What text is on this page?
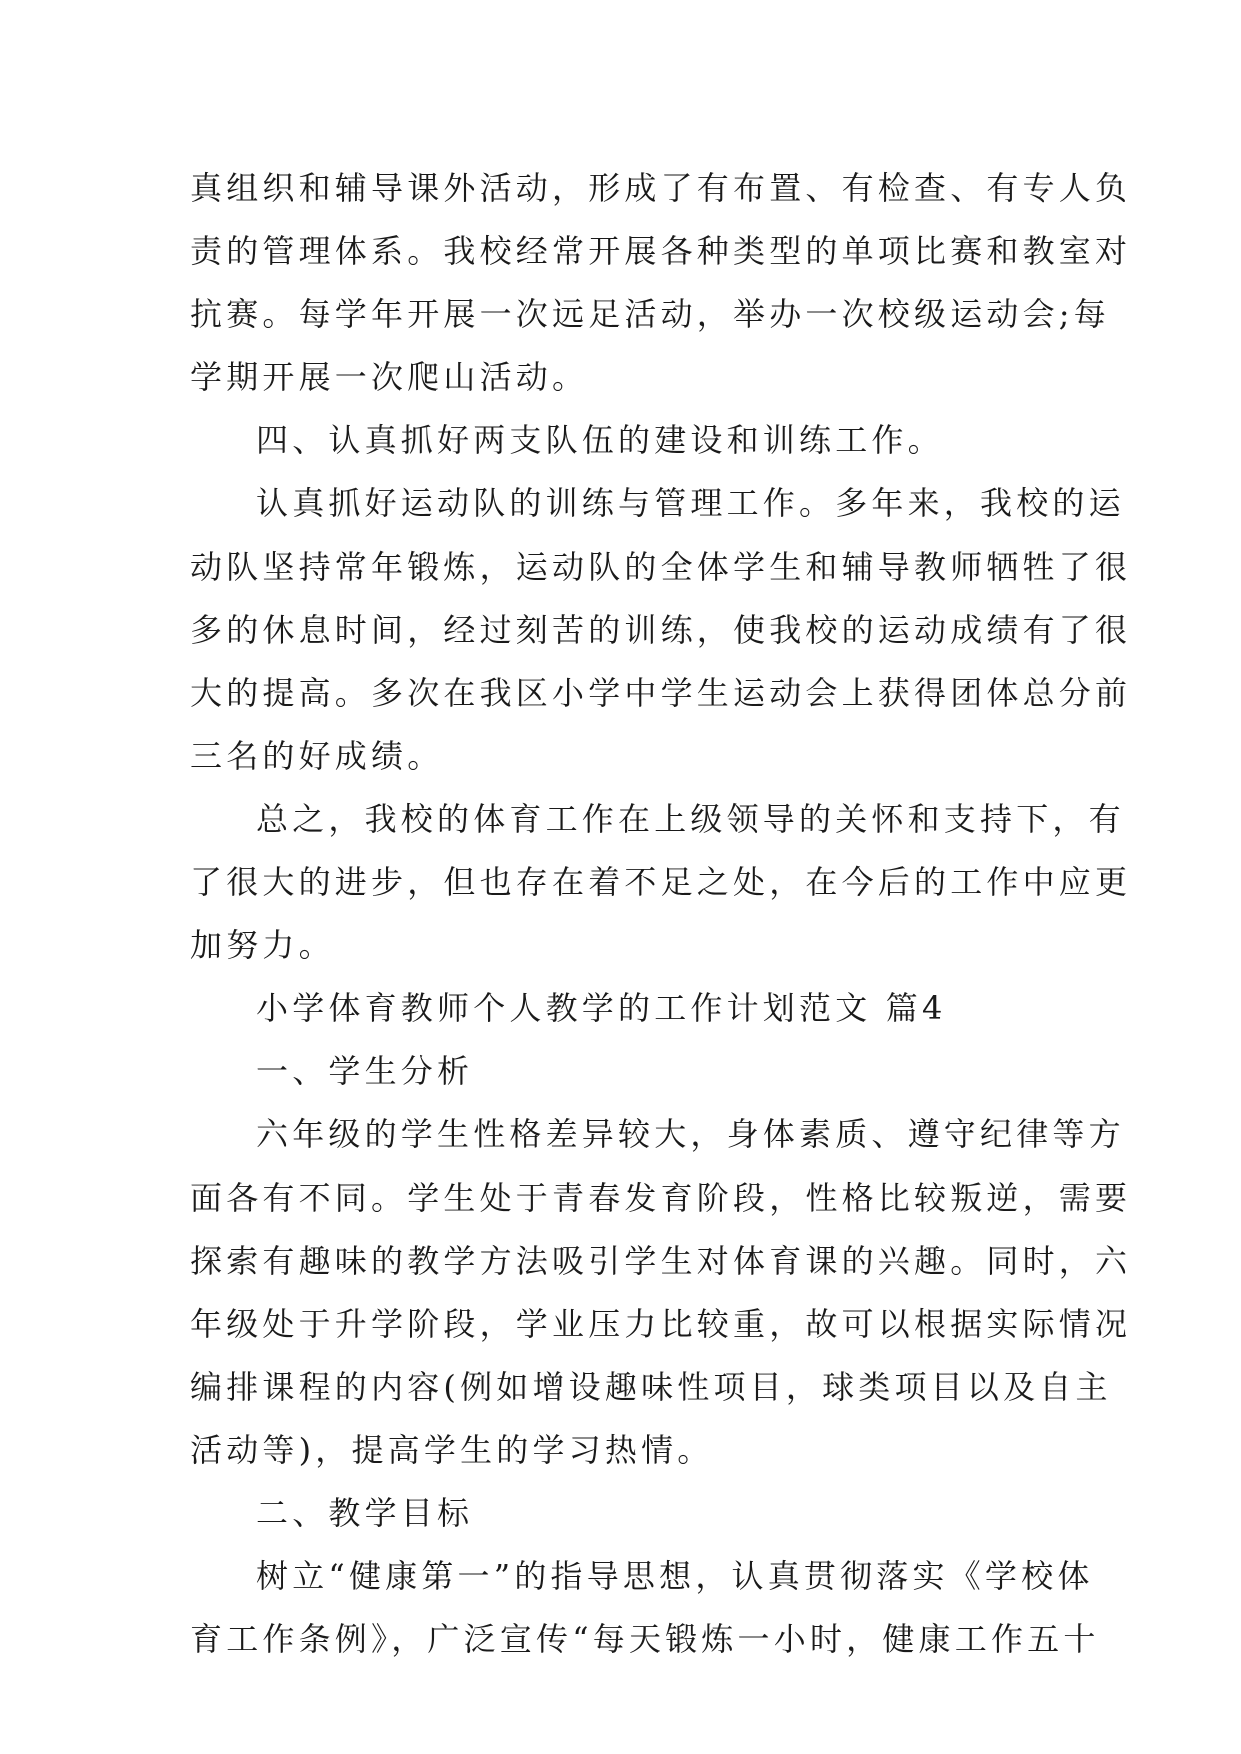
真组织和辅导课外活动，形成了有布置、有检查、有专人负
责的管理体系。我校经常开展各种类型的单项比赛和教室对
抗赛。每学年开展一次远足活动，举办一次校级运动会;每
学期开展一次爬山活动。
四、认真抓好两支队伍的建设和训练工作。
认真抓好运动队的训练与管理工作。多年来，我校的运
动队坚持常年锻炼，运动队的全体学生和辅导教师牺牲了很
多的休息时间，经过刻苦的训练，使我校的运动成绩有了很
大的提高。多次在我区小学中学生运动会上获得团体总分前
三名的好成绩。
总之，我校的体育工作在上级领导的关怀和支持下，有
了很大的进步，但也存在着不足之处，在今后的工作中应更
加努力。
小学体育教师个人教学的工作计划范文 篇4
一、学生分析
六年级的学生性格差异较大，身体素质、遵守纪律等方
面各有不同。学生处于青春发育阶段，性格比较叛逆，需要
探索有趣味的教学方法吸引学生对体育课的兴趣。同时，六
年级处于升学阶段，学业压力比较重，故可以根据实际情况
编排课程的内容(例如增设趣味性项目，球类项目以及自主
活动等)，提高学生的学习热情。
二、教学目标
树立“健康第一”的指导思想，认真贯彻落实《学校体
育工作条例》，广泛宣传“每天锻炼一小时，健康工作五十
